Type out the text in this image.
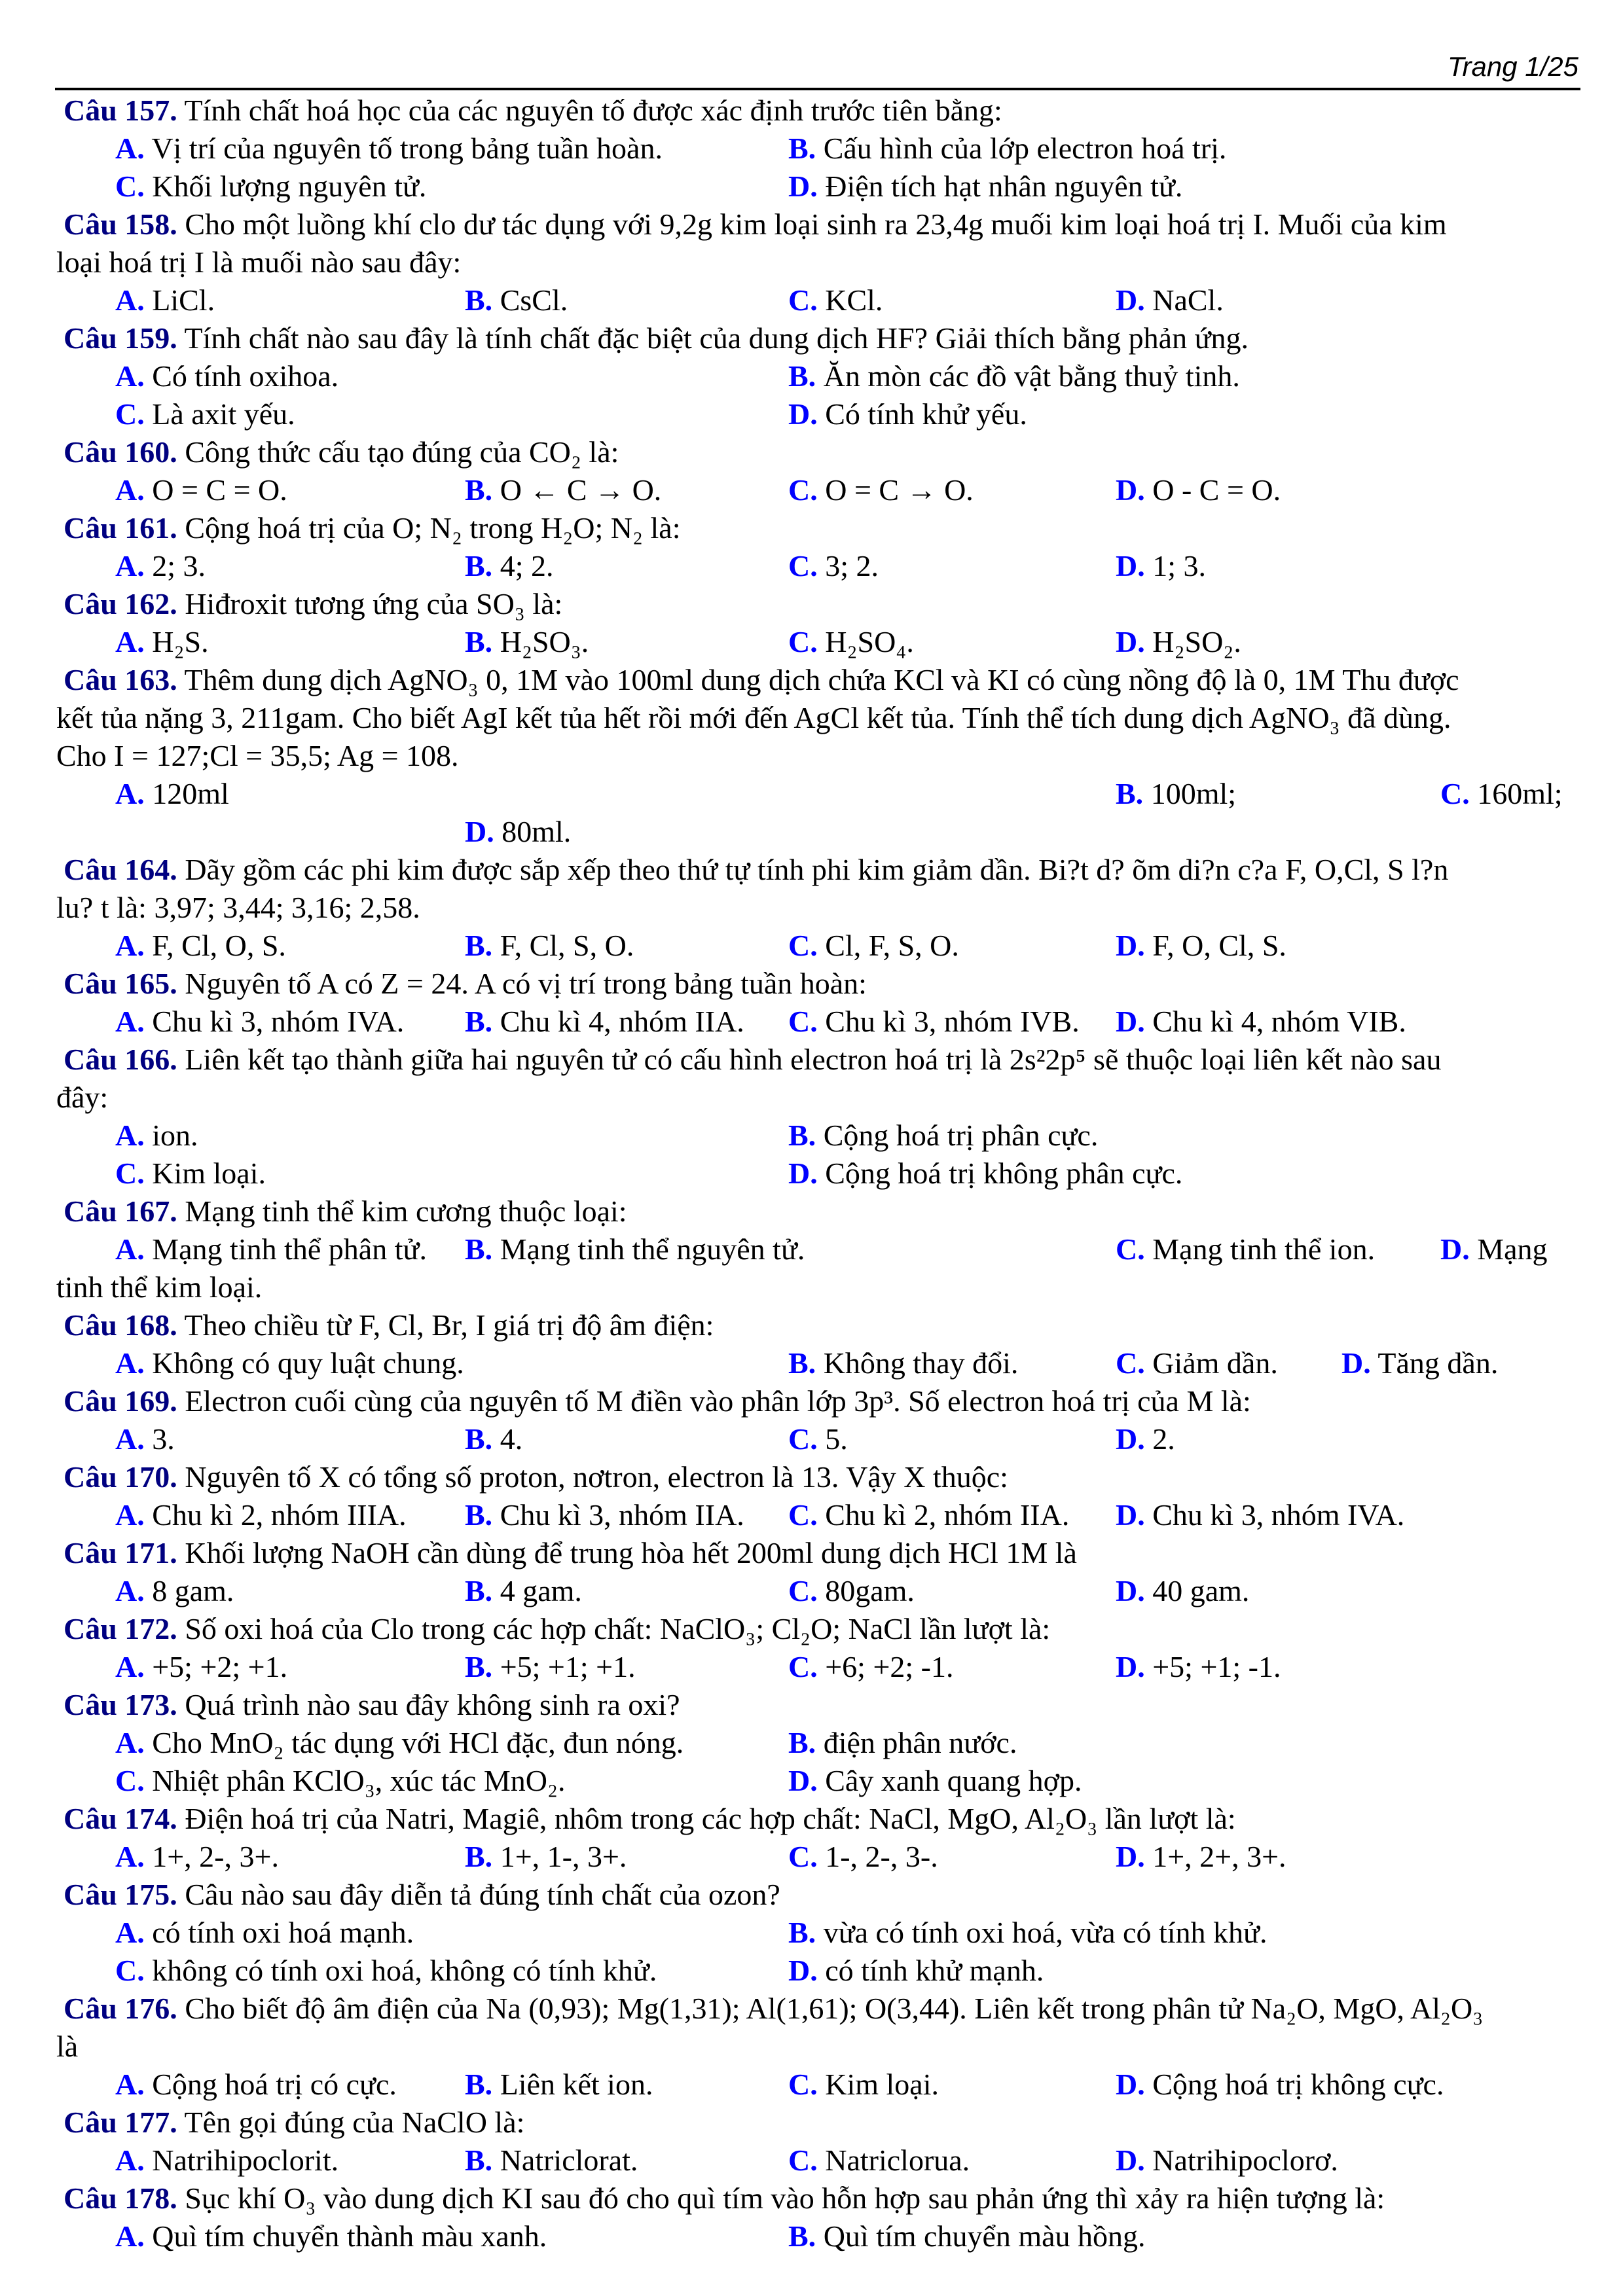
Trang 1/25
Câu 157. Tính chất hoá học của các nguyên tố được xác định trước tiên bằng:
A. Vị trí của nguyên tố trong bảng tuần hoàn.	B. Cấu hình của lớp electron hoá trị.
C. Khối lượng nguyên tử.	D. Điện tích hạt nhân nguyên tử.
Câu 158. Cho một luồng khí clo dư tác dụng với 9,2g kim loại sinh ra 23,4g muối kim loại hoá trị I. Muối của kim
loại hoá trị I là muối nào sau đây:
A. LiCl.	B. CsCl.	C. KCl.	D. NaCl.
Câu 159. Tính chất nào sau đây là tính chất đặc biệt của dung dịch HF? Giải thích bằng phản ứng.
A. Có tính oxihoa.	B. Ăn mòn các đồ vật bằng thuỷ tinh.
C. Là axit yếu.	D. Có tính khử yếu.
Câu 160. Công thức cấu tạo đúng của CO₂ là:
A. O = C = O.	B. O ← C → O.	C. O = C → O.	D. O - C = O.
Câu 161. Cộng hoá trị của O; N₂ trong H₂O; N₂ là:
A. 2; 3.	B. 4; 2.	C. 3; 2.	D. 1; 3.
Câu 162. Hiđroxit tương ứng của SO₃ là:
A. H₂S.	B. H₂SO₃.	C. H₂SO₄.	D. H₂SO₂.
Câu 163. Thêm dung dịch AgNO₃ 0, 1M vào 100ml dung dịch chứa KCl và KI có cùng nồng độ là 0, 1M Thu được
kết tủa nặng 3, 211gam. Cho biết AgI kết tủa hết rồi mới đến AgCl kết tủa. Tính thể tích dung dịch AgNO₃ đã dùng.
Cho I = 127;Cl = 35,5; Ag = 108.
A. 120ml	B. 100ml;	C. 160ml;
D. 80ml.
Câu 164. Dãy gồm các phi kim được sắp xếp theo thứ tự tính phi kim giảm dần. Bi?t d? õm di?n c?a F, O,Cl, S l?n
lu? t là: 3,97; 3,44; 3,16; 2,58.
A. F, Cl, O, S.	B. F, Cl, S, O.	C. Cl, F, S, O.	D. F, O, Cl, S.
Câu 165. Nguyên tố A có Z = 24. A có vị trí trong bảng tuần hoàn:
A. Chu kì 3, nhóm IVA. B. Chu kì 4, nhóm IIA. C. Chu kì 3, nhóm IVB. D. Chu kì 4, nhóm VIB.
Câu 166. Liên kết tạo thành giữa hai nguyên tử có cấu hình electron hoá trị là 2s²2p⁵ sẽ thuộc loại liên kết nào sau
đây:
A. ion.	B. Cộng hoá trị phân cực.
C. Kim loại.	D. Cộng hoá trị không phân cực.
Câu 167. Mạng tinh thể kim cương thuộc loại:
A. Mạng tinh thể phân tử. B. Mạng tinh thể nguyên tử.	C. Mạng tinh thể ion. D. Mạng
tinh thể kim loại.
Câu 168. Theo chiều từ F, Cl, Br, I giá trị độ âm điện:
A. Không có quy luật chung.	B. Không thay đổi.	C. Giảm dần. D. Tăng dần.
Câu 169. Electron cuối cùng của nguyên tố M điền vào phân lớp 3p³. Số electron hoá trị của M là:
A. 3.	B. 4.	C. 5.	D. 2.
Câu 170. Nguyên tố X có tổng số proton, nơtron, electron là 13. Vậy X thuộc:
A. Chu kì 2, nhóm IIIA. B. Chu kì 3, nhóm IIA. C. Chu kì 2, nhóm IIA. D. Chu kì 3, nhóm IVA.
Câu 171. Khối lượng NaOH cần dùng để trung hòa hết 200ml dung dịch HCl 1M là
A. 8 gam.	B. 4 gam.	C. 80gam.	D. 40 gam.
Câu 172. Số oxi hoá của Clo trong các hợp chất: NaClO₃; Cl₂O; NaCl lần lượt là:
A. +5; +2; +1.	B. +5; +1; +1.	C. +6; +2; -1.	D. +5; +1; -1.
Câu 173. Quá trình nào sau đây không sinh ra oxi?
A. Cho MnO₂ tác dụng với HCl đặc, đun nóng.	B. điện phân nước.
C. Nhiệt phân KClO₃, xúc tác MnO₂.	D. Cây xanh quang hợp.
Câu 174. Điện hoá trị của Natri, Magiê, nhôm trong các hợp chất: NaCl, MgO, Al₂O₃ lần lượt là:
A. 1+, 2-, 3+.	B. 1+, 1-, 3+.	C. 1-, 2-, 3-.	D. 1+, 2+, 3+.
Câu 175. Câu nào sau đây diễn tả đúng tính chất của ozon?
A. có tính oxi hoá mạnh.	B. vừa có tính oxi hoá, vừa có tính khử.
C. không có tính oxi hoá, không có tính khử.	D. có tính khử mạnh.
Câu 176. Cho biết độ âm điện của Na (0,93); Mg(1,31); Al(1,61); O(3,44). Liên kết trong phân tử Na₂O, MgO, Al₂O₃
là
A. Cộng hoá trị có cực. B. Liên kết ion.	C. Kim loại.	D. Cộng hoá trị không cực.
Câu 177. Tên gọi đúng của NaClO là:
A. Natrihipoclorit.	B. Natriclorat.	C. Natriclorua.	D. Natrihipoclorơ.
Câu 178. Sục khí O₃ vào dung dịch KI sau đó cho quì tím vào hỗn hợp sau phản ứng thì xảy ra hiện tượng là:
A. Quì tím chuyển thành màu xanh.	B. Quì tím chuyển màu hồng.
